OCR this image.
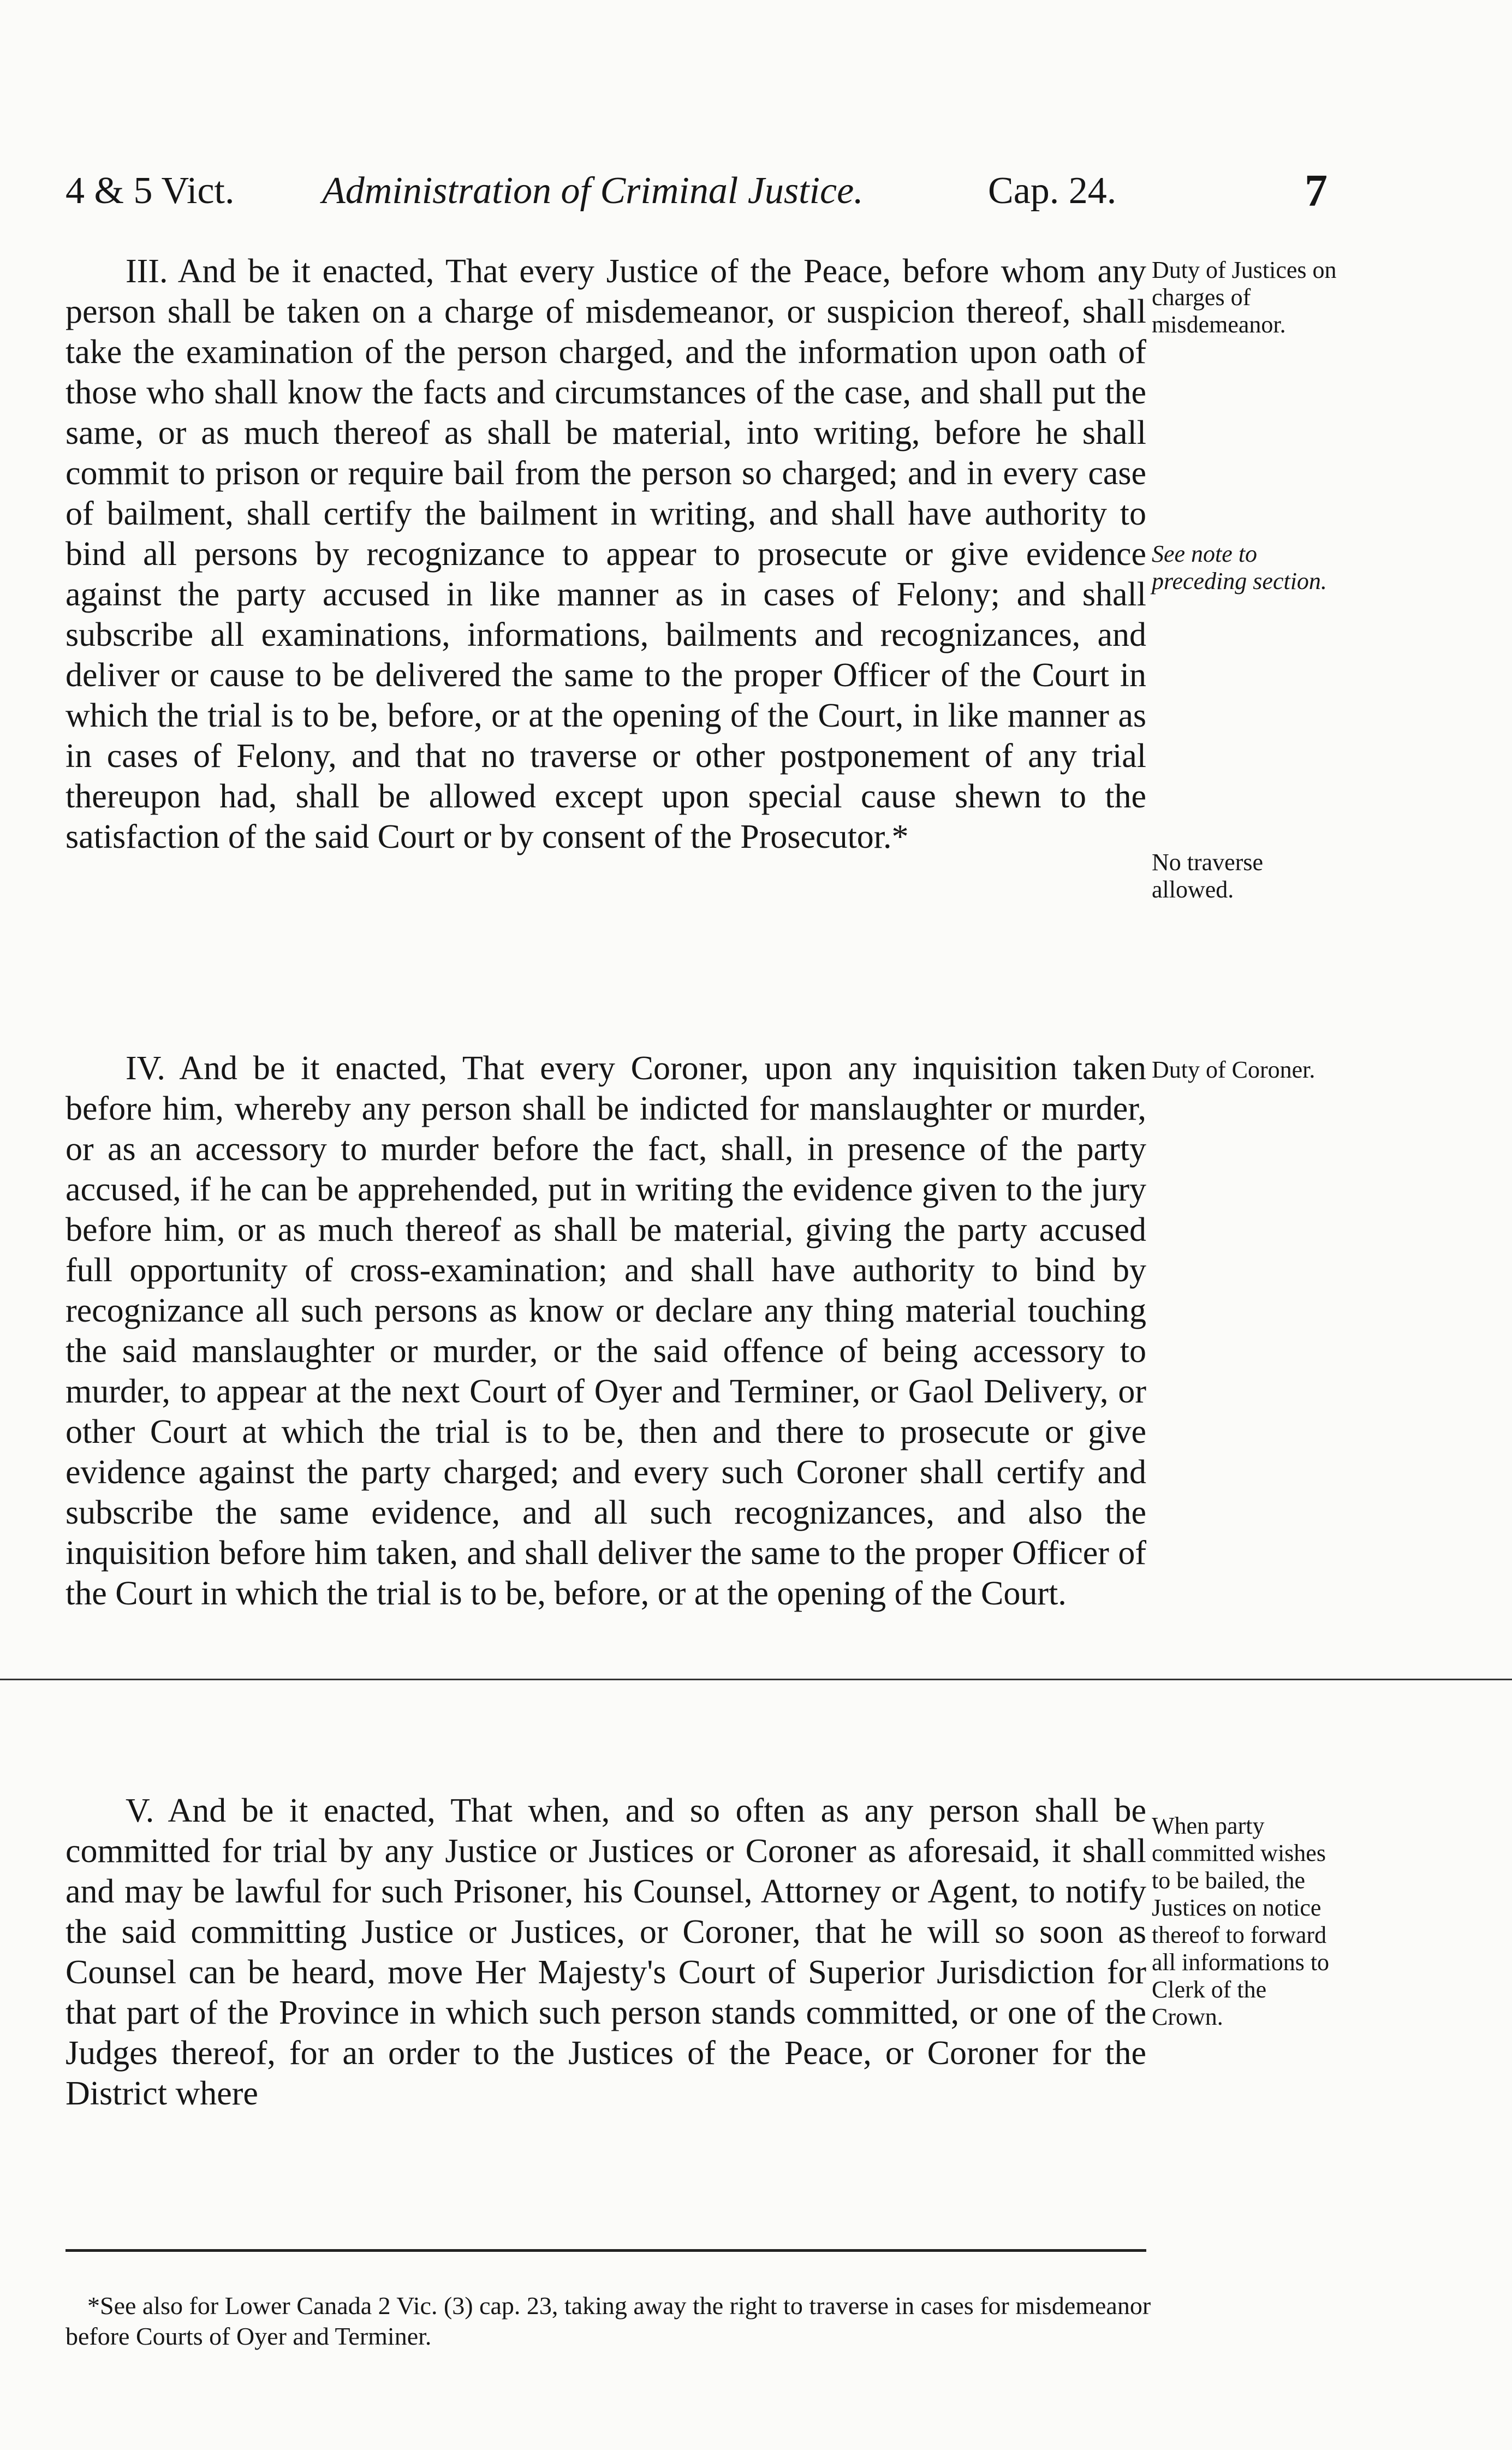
4 & 5 Vict. Administration of Criminal Justice.	Cap. 24.	7

III. And be it enacted, That every Justice of the Peace, before whom any person shall be taken on a charge of misdemeanor, or suspicion thereof, shall take the examination of the person charged, and the information upon oath of those who shall know the facts and circumstances of the case, and shall put the same, or as much thereof as shall be material, into writing, before he shall commit to prison or require bail from the person so charged; and in every case of bailment, shall certify the bailment in writing, and shall have authority to bind all persons by recognizance to appear to prosecute or give evidence against the party accused in like manner as in cases of Felony; and shall subscribe all examinations, informations, bailments and recognizances, and deliver or cause to be delivered the same to the proper Officer of the Court in which the trial is to be, before, or at the opening of the Court, in like manner as in cases of Felony, and that no traverse or other postponement of any trial thereupon had, shall be allowed except upon special cause shewn to the satisfaction of the said Court or by consent of the Prosecutor.*

IV. And be it enacted, That every Coroner, upon any inquisition taken before him, whereby any person shall be indicted for manslaughter or murder, or as an accessory to murder before the fact, shall, in presence of the party accused, if he can be apprehended, put in writing the evidence given to the jury before him, or as much thereof as shall be material, giving the party accused full opportunity of cross-examination; and shall have authority to bind by recognizance all such persons as know or declare any thing material touching the said manslaughter or murder, or the said offence of being accessory to murder, to appear at the next Court of Oyer and Terminer, or Gaol Delivery, or other Court at which the trial is to be, then and there to prosecute or give evidence against the party charged; and every such Coroner shall certify and subscribe the same evidence, and all such recognizances, and also the inquisition before him taken, and shall deliver the same to the proper Officer of the Court in which the trial is to be, before, or at the opening of the Court.

V. And be it enacted, That when, and so often as any person shall be committed for trial by any Justice or Justices or Coroner as aforesaid, it shall and may be lawful for such Prisoner, his Counsel, Attorney or Agent, to notify the said committing Justice or Justices, or Coroner, that he will so soon as Counsel can be heard, move Her Majesty's Court of Superior Jurisdiction for that part of the Province in which such person stands committed, or one of the Judges thereof, for an order to the Justices of the Peace, or Coroner for the District where

Duty of Justices on charges of misdemeanor.
See note to preceding section.
No traverse allowed.
Duty of Coroner.
When party committed wishes to be bailed, the Justices on notice thereof to forward all informations to Clerk of the Crown.

*See also for Lower Canada 2 Vic. (3) cap. 23, taking away the right to traverse in cases for misdemeanor before Courts of Oyer and Terminer.
